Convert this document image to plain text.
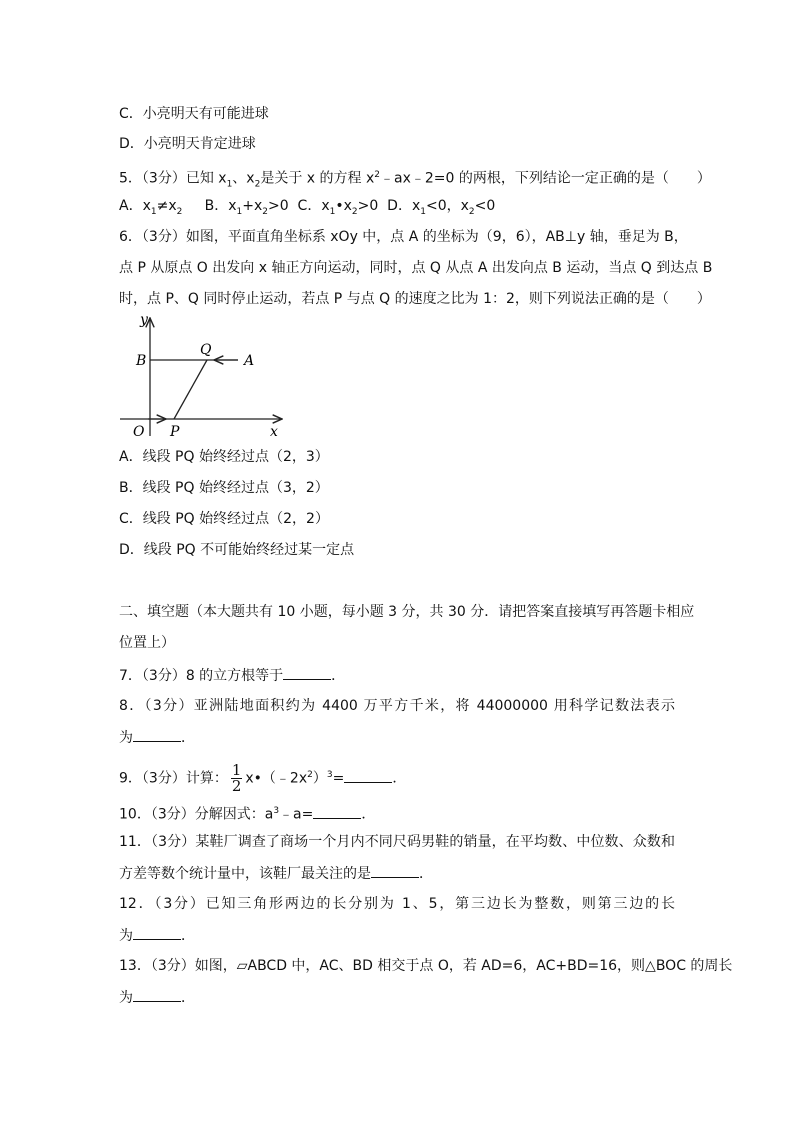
C．小亮明天有可能进球
D．小亮明天肯定进球
5．（3分）已知 $x_1$、$x_2$是关于 x 的方程 $x^2﹣ax﹣2=0$ 的两根，下列结论一定正确的是（　　）
A．$x_1\ne x_2$ B．$x_1+x_2>0$ C．$x_1•x_2>0$ D．$x_1<0$，$x_2<0$
6．（3分）如图，平面直角坐标系 xOy 中，点 A 的坐标为（9，6），AB⊥y 轴，垂足为 B，
点 P 从原点 O 出发向 x 轴正方向运动，同时，点 Q 从点 A 出发向点 B 运动，当点 Q 到达点 B
时，点 P、Q 同时停止运动，若点 P 与点 Q 的速度之比为 1：2，则下列说法正确的是（　　）
y
x
B
Q
A
O P
A．线段 PQ 始终经过点（2，3）
B．线段 PQ 始终经过点（3，2）
C．线段 PQ 始终经过点（2，2）
D．线段 PQ 不可能始终经过某一定点
二、填空题（本大题共有 10 小题，每小题 3 分，共 30 分．请把答案直接填写再答题卡相应
位置上）
7．（3分）8 的立方根等于	．
8．（3分）亚洲陆地面积约为 4400 万平方千米，将 44000000 用科学记数法表示
为	．
9．（3分）计算： $\frac{1}{2}$ $x•(﹣2x^2)^3=$	．
10．（3分）分解因式：$a^3﹣a=$	．
11．（3分）某鞋厂调查了商场一个月内不同尺码男鞋的销量，在平均数、中位数、众数和
方差等数个统计量中，该鞋厂最关注的是	．
12．（3分）已知三角形两边的长分别为 1、5，第三边长为整数，则第三边的长
为	．
13．（3分）如图，▱ABCD 中，AC、BD 相交于点 O，若 AD=6，AC+BD=16，则△BOC 的周长
为	．
